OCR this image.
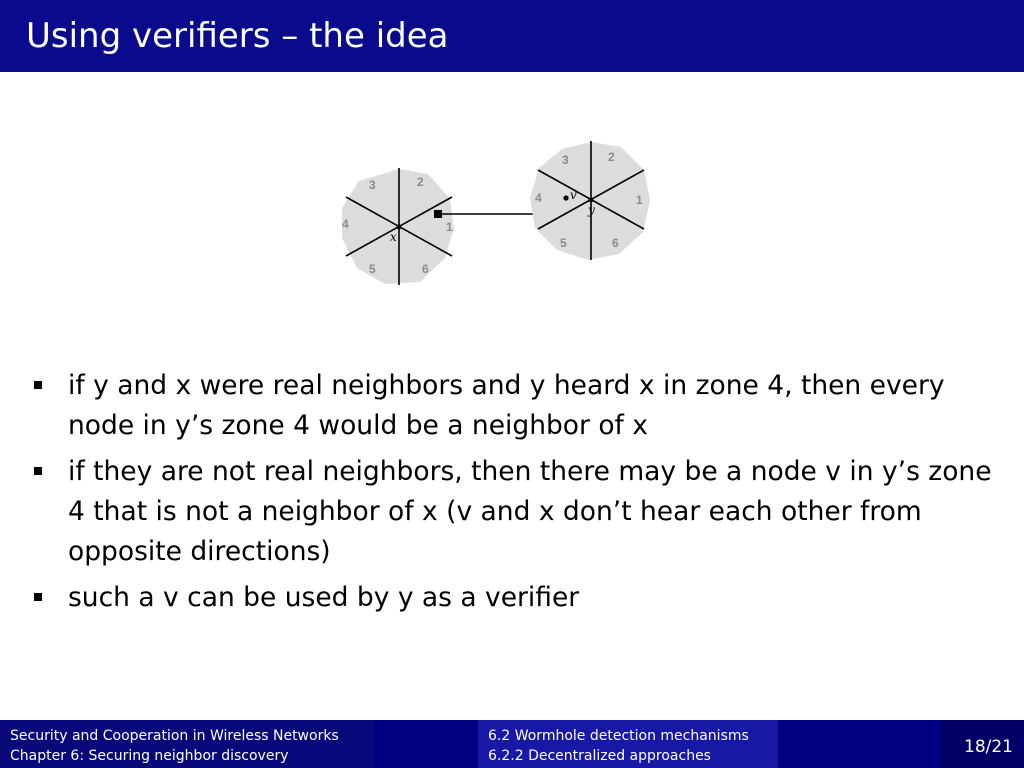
Using verifiers – the idea
x
1
2
3
4
5	6
y
1
2
3
4
5	6
v
if y and x were real neighbors and y heard x in zone 4, then every node in y’s zone 4 would be a neighbor of x
if they are not real neighbors, then there may be a node v in y’s zone 4 that is not a neighbor of x (v and x don’t hear each other from opposite directions)
such a v can be used by y as a verifier
Security and Cooperation in Wireless Networks
Chapter 6: Securing neighbor discovery
6.2 Wormhole detection mechanisms
6.2.2 Decentralized approaches	18/21
